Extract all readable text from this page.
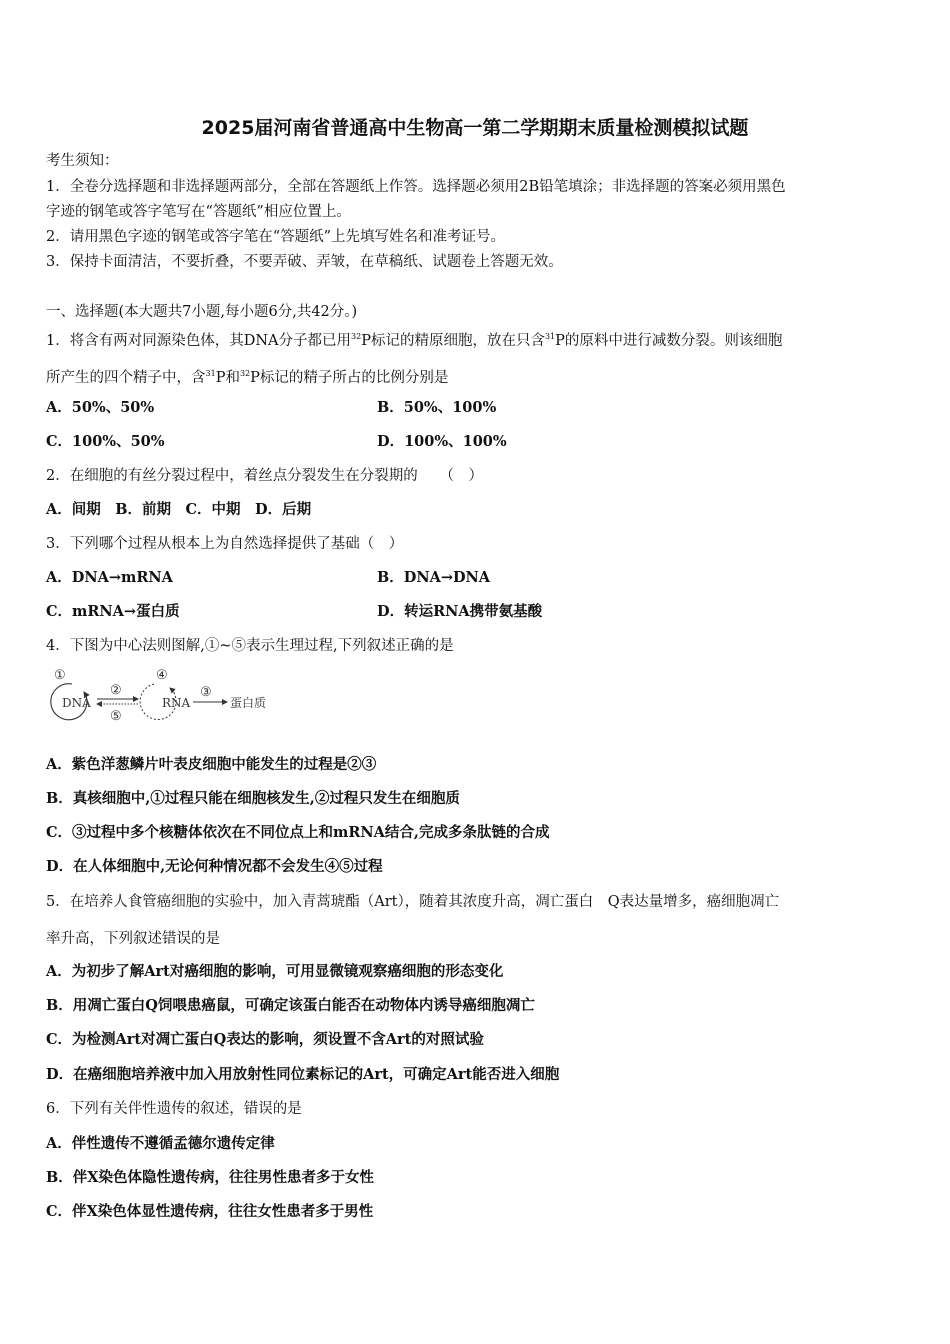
2025届河南省普通高中生物高一第二学期期末质量检测模拟试题
考生须知：
1．全卷分选择题和非选择题两部分，全部在答题纸上作答。选择题必须用2B铅笔填涂；非选择题的答案必须用黑色
字迹的钢笔或答字笔写在“答题纸”相应位置上。
2．请用黑色字迹的钢笔或答字笔在“答题纸”上先填写姓名和准考证号。
3．保持卡面清洁，不要折叠，不要弄破、弄皱，在草稿纸、试题卷上答题无效。
一、选择题(本大题共7小题,每小题6分,共42分。)
1．将含有两对同源染色体，其DNA分子都已用$^{32}$P标记的精原细胞，放在只含$^{31}$P的原料中进行减数分裂。则该细胞
所产生的四个精子中，含$^{31}$P和$^{32}$P标记的精子所占的比例分别是
A．50%、50%	B．50%、100%
C．100%、50%	D．100%、100%
2．在细胞的有丝分裂过程中，着丝点分裂发生在分裂期的　　（　）
A．间期　B．前期　C．中期　D．后期
3．下列哪个过程从根本上为自然选择提供了基础（　）
A．DNA→mRNA	B．DNA→DNA
C．mRNA→蛋白质	D．转运RNA携带氨基酸
4．下图为中心法则图解,①~⑤表示生理过程,下列叙述正确的是
①
DNA
②
⑤
④
RNA
③
蛋白质
A．紫色洋葱鳞片叶表皮细胞中能发生的过程是②③
B．真核细胞中,①过程只能在细胞核发生,②过程只发生在细胞质
C．③过程中多个核糖体依次在不同位点上和mRNA结合,完成多条肽链的合成
D．在人体细胞中,无论何种情况都不会发生④⑤过程
5．在培养人食管癌细胞的实验中，加入青蒿琥酯（Art），随着其浓度升高，凋亡蛋白　Q表达量增多，癌细胞凋亡
率升高，下列叙述错误的是
A．为初步了解Art对癌细胞的影响，可用显微镜观察癌细胞的形态变化
B．用凋亡蛋白Q饲喂患癌鼠，可确定该蛋白能否在动物体内诱导癌细胞凋亡
C．为检测Art对凋亡蛋白Q表达的影响，须设置不含Art的对照试验
D．在癌细胞培养液中加入用放射性同位素标记的Art，可确定Art能否进入细胞
6．下列有关伴性遗传的叙述，错误的是
A．伴性遗传不遵循孟德尔遗传定律
B．伴X染色体隐性遗传病，往往男性患者多于女性
C．伴X染色体显性遗传病，往往女性患者多于男性
